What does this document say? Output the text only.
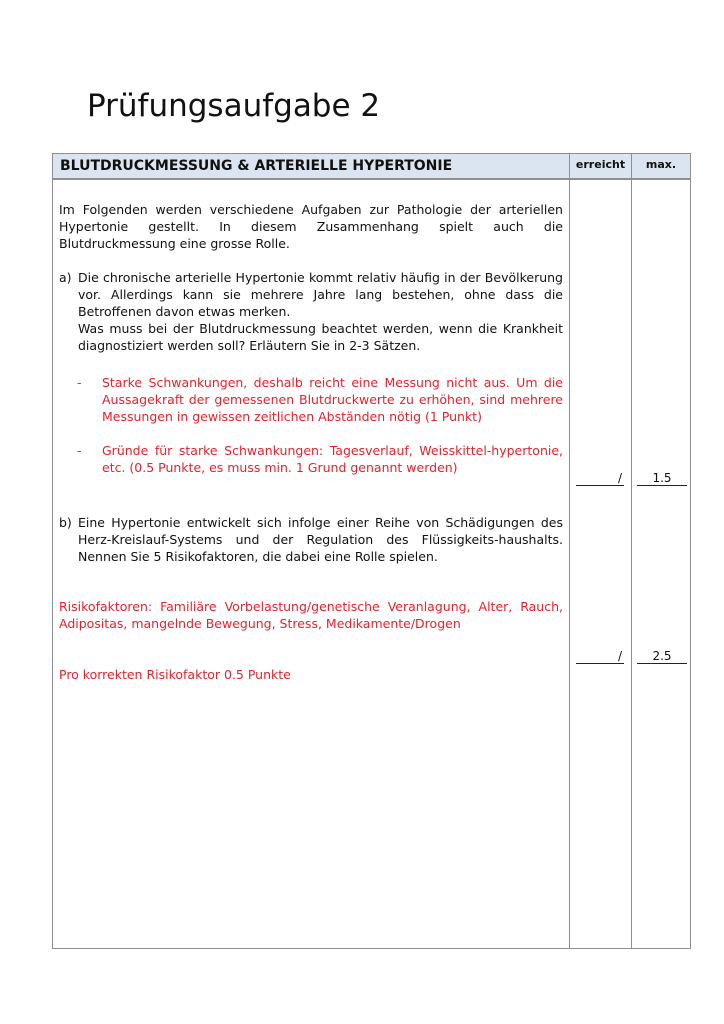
Prüfungsaufgabe 2
BLUTDRUCKMESSUNG & ARTERIELLE HYPERTONIE	erreicht	max.
Im Folgenden werden verschiedene Aufgaben zur Pathologie der arteriellen Hypertonie gestellt. In diesem Zusammenhang spielt auch die Blutdruckmessung eine grosse Rolle.
a) Die chronische arterielle Hypertonie kommt relativ häufig in der Bevölkerung vor. Allerdings kann sie mehrere Jahre lang bestehen, ohne dass die Betroffenen davon etwas merken.
Was muss bei der Blutdruckmessung beachtet werden, wenn die Krankheit diagnostiziert werden soll? Erläutern Sie in 2-3 Sätzen.
- Starke Schwankungen, deshalb reicht eine Messung nicht aus. Um die Aussagekraft der gemessenen Blutdruckwerte zu erhöhen, sind mehrere Messungen in gewissen zeitlichen Abständen nötig (1 Punkt)
- Gründe für starke Schwankungen: Tagesverlauf, Weisskittel-hypertonie, etc. (0.5 Punkte, es muss min. 1 Grund genannt werden)
/	1.5
b) Eine Hypertonie entwickelt sich infolge einer Reihe von Schädigungen des Herz-Kreislauf-Systems und der Regulation des Flüssigkeits-haushalts. Nennen Sie 5 Risikofaktoren, die dabei eine Rolle spielen.
Risikofaktoren: Familiäre Vorbelastung/genetische Veranlagung, Alter, Rauch, Adipositas, mangelnde Bewegung, Stress, Medikamente/Drogen
Pro korrekten Risikofaktor 0.5 Punkte
/	2.5
